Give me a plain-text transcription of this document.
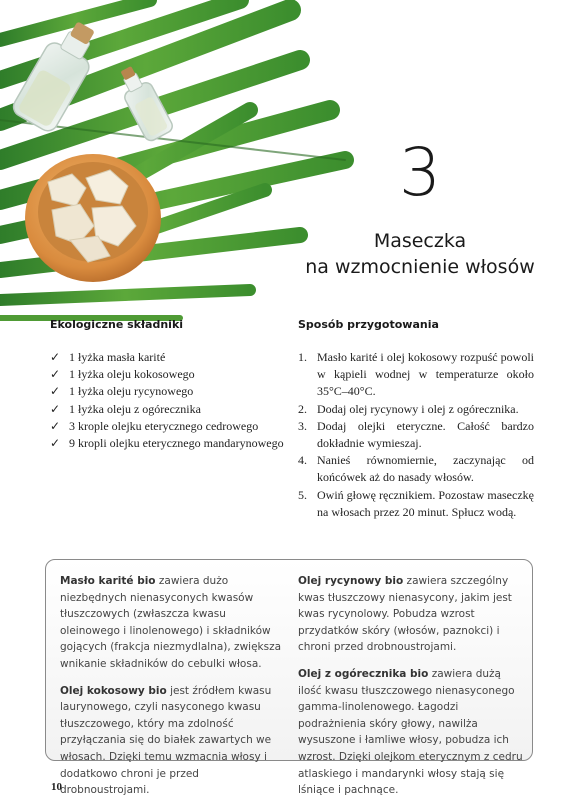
3
Maseczka
na wzmocnienie włosów
Ekologiczne składniki	Sposób przygotowania
✓ 1 łyżka masła karité
✓ 1 łyżka oleju kokosowego
✓ 1 łyżka oleju rycynowego
✓ 1 łyżka oleju z ogórecznika
✓ 3 krople olejku eterycznego cedrowego
✓ 9 kropli olejku eterycznego mandarynowego
1. Masło karité i olej kokosowy rozpuść powoli w kąpieli wodnej w temperaturze około 35°C–40°C.
2. Dodaj olej rycynowy i olej z ogórecznika.
3. Dodaj olejki eteryczne. Całość bardzo dokładnie wymieszaj.
4. Nanieś równomiernie, zaczynając od końcówek aż do nasady włosów.
5. Owiń głowę ręcznikiem. Pozostaw maseczkę na włosach przez 20 minut. Spłucz wodą.

Masło karité bio zawiera dużo niezbędnych nienasyconych kwasów tłuszczowych (zwłaszcza kwasu oleinowego i linolenowego) i składników gojących (frakcja niezmydlalna), zwiększa wnikanie składników do cebulki włosa.

Olej kokosowy bio jest źródłem kwasu laurynowego, czyli nasyconego kwasu tłuszczowego, który ma zdolność przyłączania się do białek zawartych we włosach. Dzięki temu wzmacnia włosy i dodatkowo chroni je przed drobnoustrojami.

Olej rycynowy bio zawiera szczególny kwas tłuszczowy nienasycony, jakim jest kwas rycynolowy. Pobudza wzrost przydatków skóry (włosów, paznokci) i chroni przed drobnoustrojami.

Olej z ogórecznika bio zawiera dużą ilość kwasu tłuszczowego nienasyconego gamma-linolenowego. Łagodzi podrażnienia skóry głowy, nawilża wysuszone i łamliwe włosy, pobudza ich wzrost. Dzięki olejkom eterycznym z cedru atlaskiego i mandarynki włosy stają się lśniące i pachnące.

10
